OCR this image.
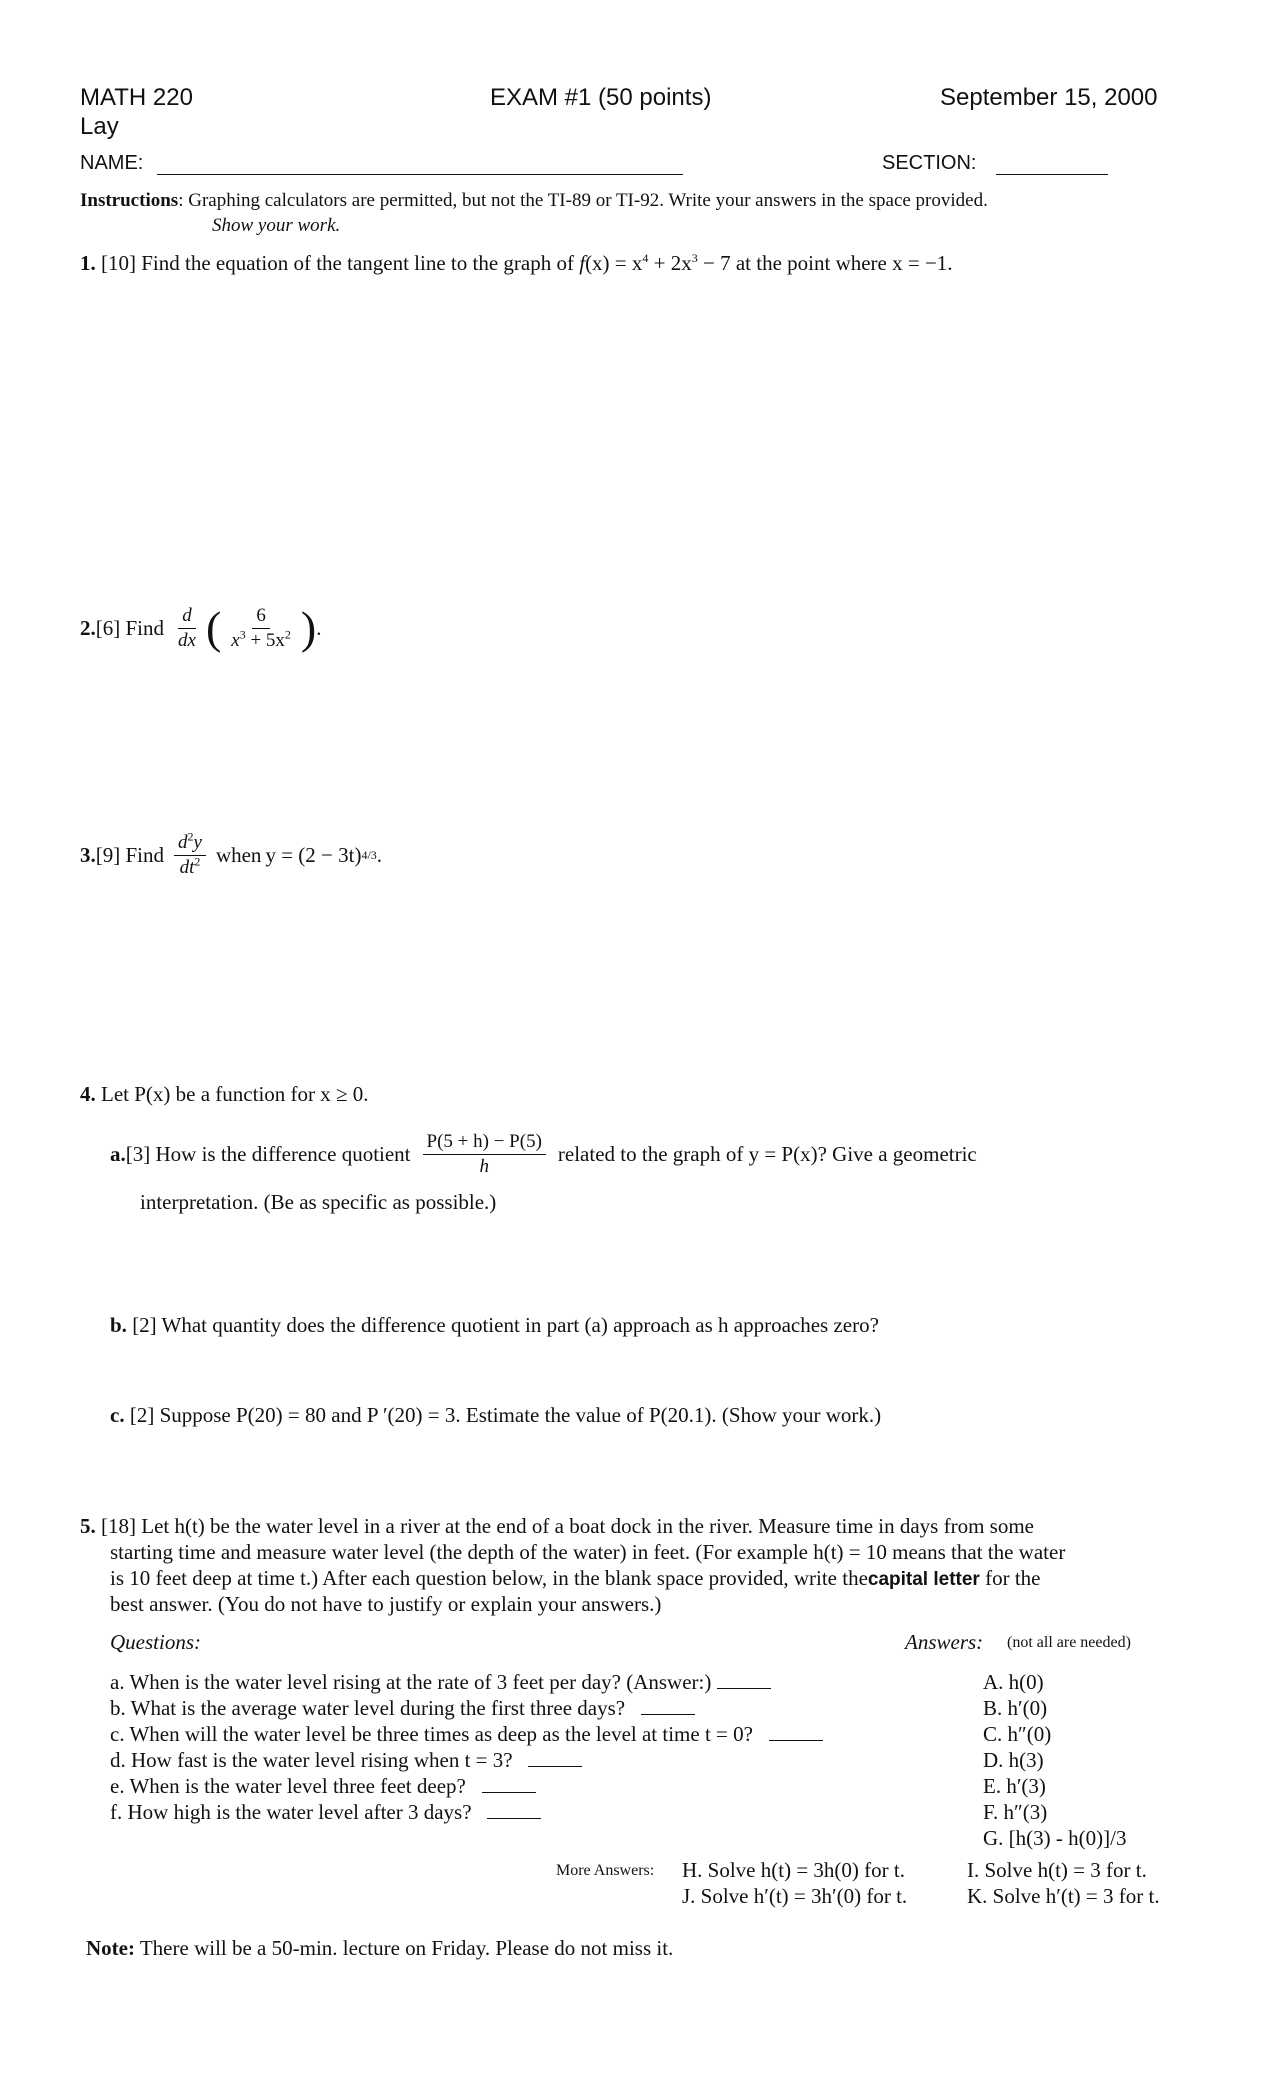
MATH 220	EXAM #1 (50 points)	September 15, 2000
Lay
NAME:	SECTION:
Instructions: Graphing calculators are permitted, but not the TI-89 or TI-92. Write your answers in the space provided.
Show your work.
1. [10] Find the equation of the tangent line to the graph of $f(x) = x^4 + 2x^3 - 7$ at the point where x = −1.
2. [6] Find $\frac{d}{dx}$ ( $\frac{6}{x^3 + 5x^2}$ ) .
3. [9] Find $\frac{d^2y}{dt^2}$ when y = (2 − 3t) 4/3 .
4. Let P(x) be a function for x ≥ 0.
a. [3] How is the difference quotient $\frac{P(5 + h) - P(5)}{h}$ related to the graph of y = P(x)? Give a geometric
interpretation. (Be as specific as possible.)
b. [2] What quantity does the difference quotient in part (a) approach as h approaches zero?
c. [2] Suppose P(20) = 80 and P ′(20) = 3. Estimate the value of P(20.1). (Show your work.)
5. [18] Let h(t) be the water level in a river at the end of a boat dock in the river. Measure time in days from some
starting time and measure water level (the depth of the water) in feet. (For example h(t) = 10 means that the water
is 10 feet deep at time t.) After each question below, in the blank space provided, write thecapital letter for the
best answer. (You do not have to justify or explain your answers.)
Questions:	Answers: (not all are needed)
a. When is the water level rising at the rate of 3 feet per day? (Answer:)
b. What is the average water level during the first three days?
c. When will the water level be three times as deep as the level at time t = 0?
d. How fast is the water level rising when t = 3?
e. When is the water level three feet deep?
f. How high is the water level after 3 days?
A. h(0)
B. h′(0)
C. h″(0)
D. h(3)
E. h′(3)
F. h″(3)
G. [h(3) - h(0)]/3
More Answers: H. Solve h(t) = 3h(0) for t.	I. Solve h(t) = 3 for t.
J. Solve h′(t) = 3h′(0) for t.	K. Solve h′(t) = 3 for t.
Note: There will be a 50-min. lecture on Friday. Please do not miss it.
